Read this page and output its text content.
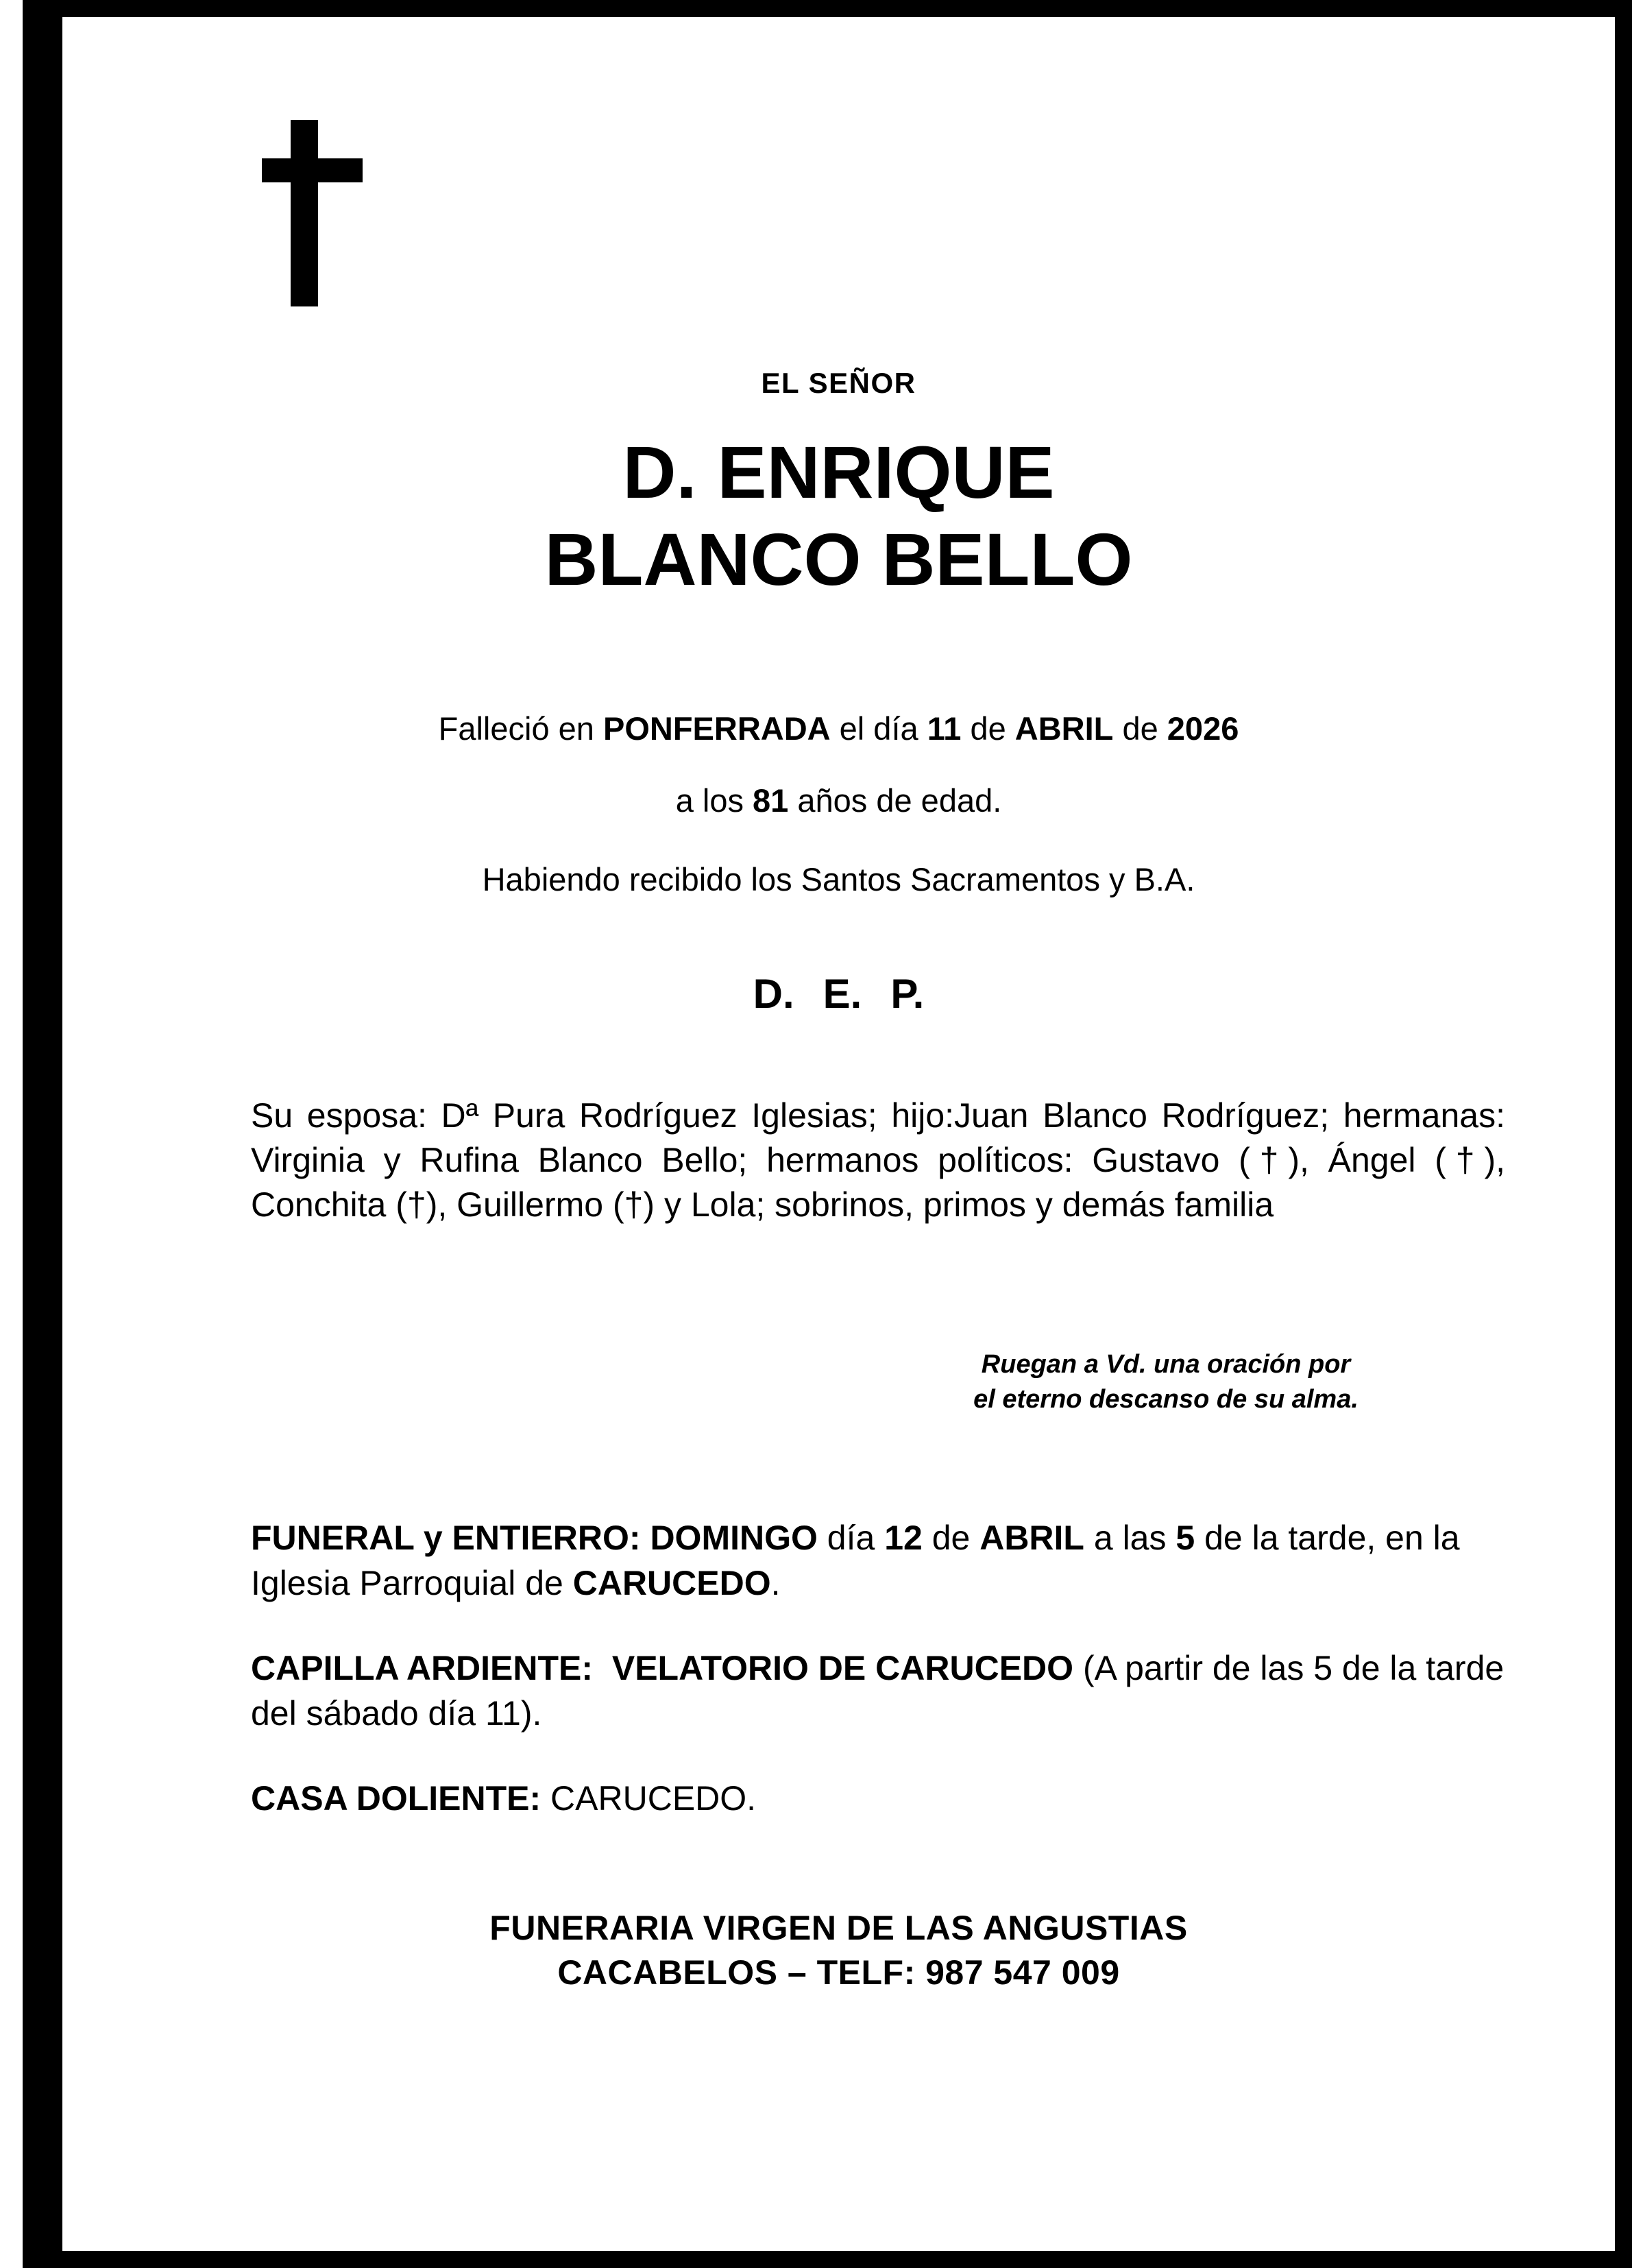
EL SEÑOR
D. ENRIQUE
BLANCO BELLO
Falleció en PONFERRADA el día 11 de ABRIL de 2026
a los 81 años de edad.
Habiendo recibido los Santos Sacramentos y B.A.
D. E. P.
Su esposa: Dª Pura Rodríguez Iglesias; hijo:Juan Blanco Rodríguez; hermanas: Virginia y Rufina Blanco Bello; hermanos políticos: Gustavo (†), Ángel (†), Conchita (†), Guillermo (†) y Lola; sobrinos, primos y demás familia
Ruegan a Vd. una oración por
el eterno descanso de su alma.
FUNERAL y ENTIERRO: DOMINGO día 12 de ABRIL a las 5 de la tarde, en la Iglesia Parroquial de CARUCEDO.
CAPILLA ARDIENTE: VELATORIO DE CARUCEDO (A partir de las 5 de la tarde del sábado día 11).
CASA DOLIENTE: CARUCEDO.
FUNERARIA VIRGEN DE LAS ANGUSTIAS
CACABELOS – TELF: 987 547 009
